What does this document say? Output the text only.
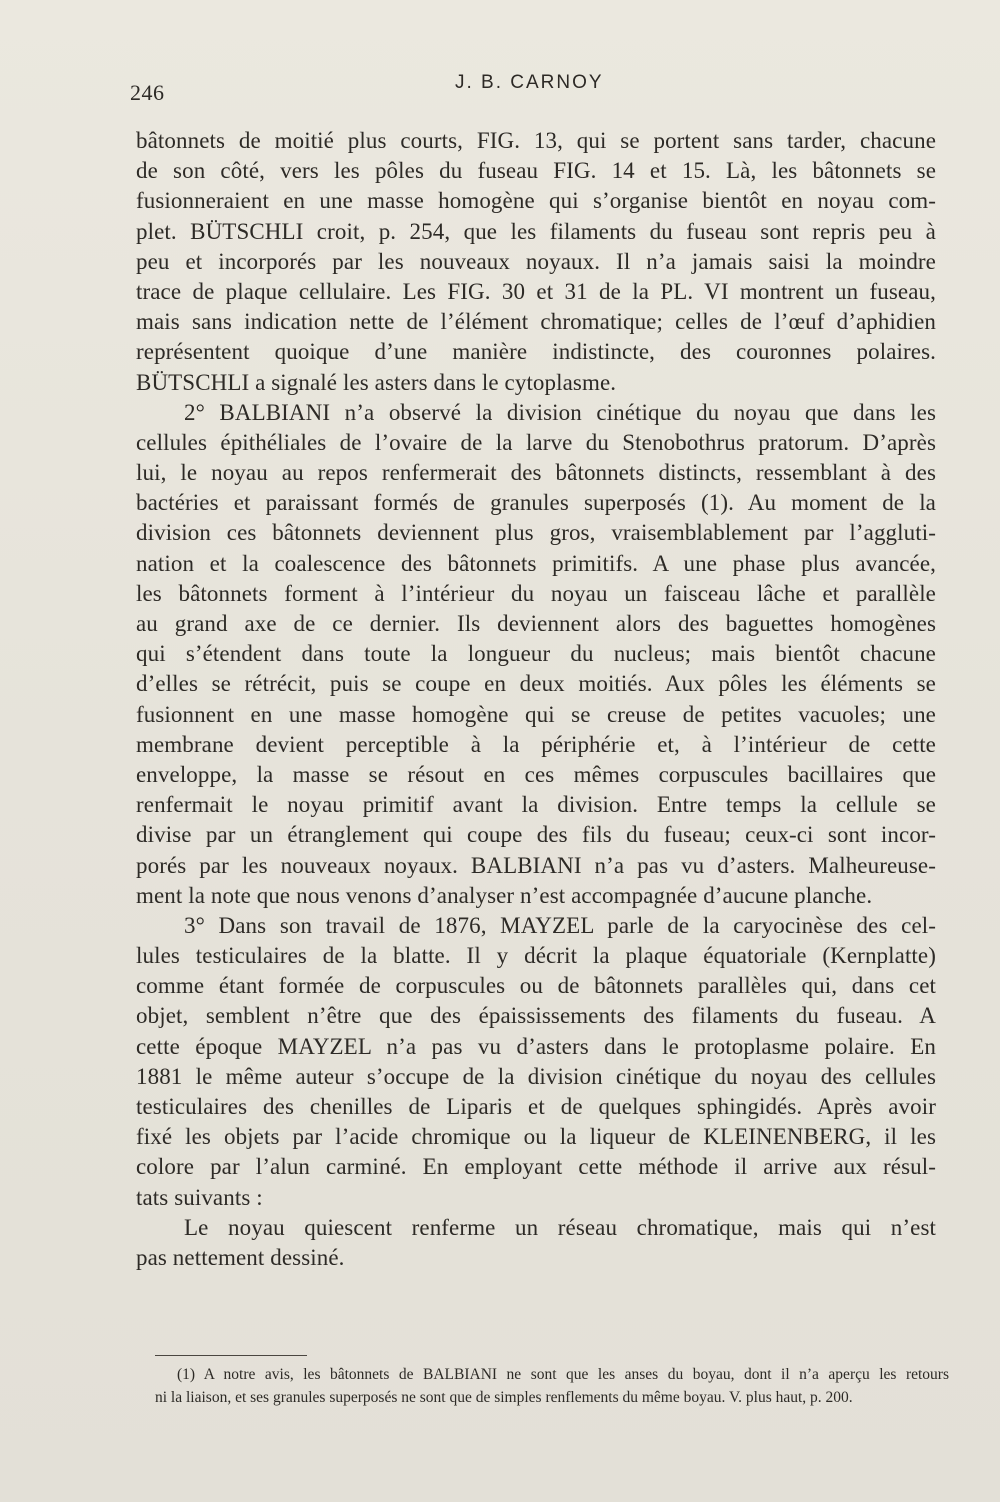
246	J. B. CARNOY
bâtonnets de moitié plus courts, FIG. 13, qui se portent sans tarder, chacune
de son côté, vers les pôles du fuseau FIG. 14 et 15. Là, les bâtonnets se
fusionneraient en une masse homogène qui s’organise bientôt en noyau com-
plet. BÜTSCHLI croit, p. 254, que les filaments du fuseau sont repris peu à
peu et incorporés par les nouveaux noyaux. Il n’a jamais saisi la moindre
trace de plaque cellulaire. Les FIG. 30 et 31 de la PL. VI montrent un fuseau,
mais sans indication nette de l’élément chromatique; celles de l’œuf d’aphidien
représentent quoique d’une manière indistincte, des couronnes polaires.
BÜTSCHLI a signalé les asters dans le cytoplasme.
2° BALBIANI n’a observé la division cinétique du noyau que dans les
cellules épithéliales de l’ovaire de la larve du Stenobothrus pratorum. D’après
lui, le noyau au repos renfermerait des bâtonnets distincts, ressemblant à des
bactéries et paraissant formés de granules superposés (1). Au moment de la
division ces bâtonnets deviennent plus gros, vraisemblablement par l’aggluti-
nation et la coalescence des bâtonnets primitifs. A une phase plus avancée,
les bâtonnets forment à l’intérieur du noyau un faisceau lâche et parallèle
au grand axe de ce dernier. Ils deviennent alors des baguettes homogènes
qui s’étendent dans toute la longueur du nucleus; mais bientôt chacune
d’elles se rétrécit, puis se coupe en deux moitiés. Aux pôles les éléments se
fusionnent en une masse homogène qui se creuse de petites vacuoles; une
membrane devient perceptible à la périphérie et, à l’intérieur de cette
enveloppe, la masse se résout en ces mêmes corpuscules bacillaires que
renfermait le noyau primitif avant la division. Entre temps la cellule se
divise par un étranglement qui coupe des fils du fuseau; ceux-ci sont incor-
porés par les nouveaux noyaux. BALBIANI n’a pas vu d’asters. Malheureuse-
ment la note que nous venons d’analyser n’est accompagnée d’aucune planche.
3° Dans son travail de 1876, MAYZEL parle de la caryocinèse des cel-
lules testiculaires de la blatte. Il y décrit la plaque équatoriale (Kernplatte)
comme étant formée de corpuscules ou de bâtonnets parallèles qui, dans cet
objet, semblent n’être que des épaississements des filaments du fuseau. A
cette époque MAYZEL n’a pas vu d’asters dans le protoplasme polaire. En
1881 le même auteur s’occupe de la division cinétique du noyau des cellules
testiculaires des chenilles de Liparis et de quelques sphingidés. Après avoir
fixé les objets par l’acide chromique ou la liqueur de KLEINENBERG, il les
colore par l’alun carminé. En employant cette méthode il arrive aux résul-
tats suivants :
Le noyau quiescent renferme un réseau chromatique, mais qui n’est
pas nettement dessiné.
(1) A notre avis, les bâtonnets de BALBIANI ne sont que les anses du boyau, dont il n’a aperçu les retours
ni la liaison, et ses granules superposés ne sont que de simples renflements du même boyau. V. plus haut, p. 200.
